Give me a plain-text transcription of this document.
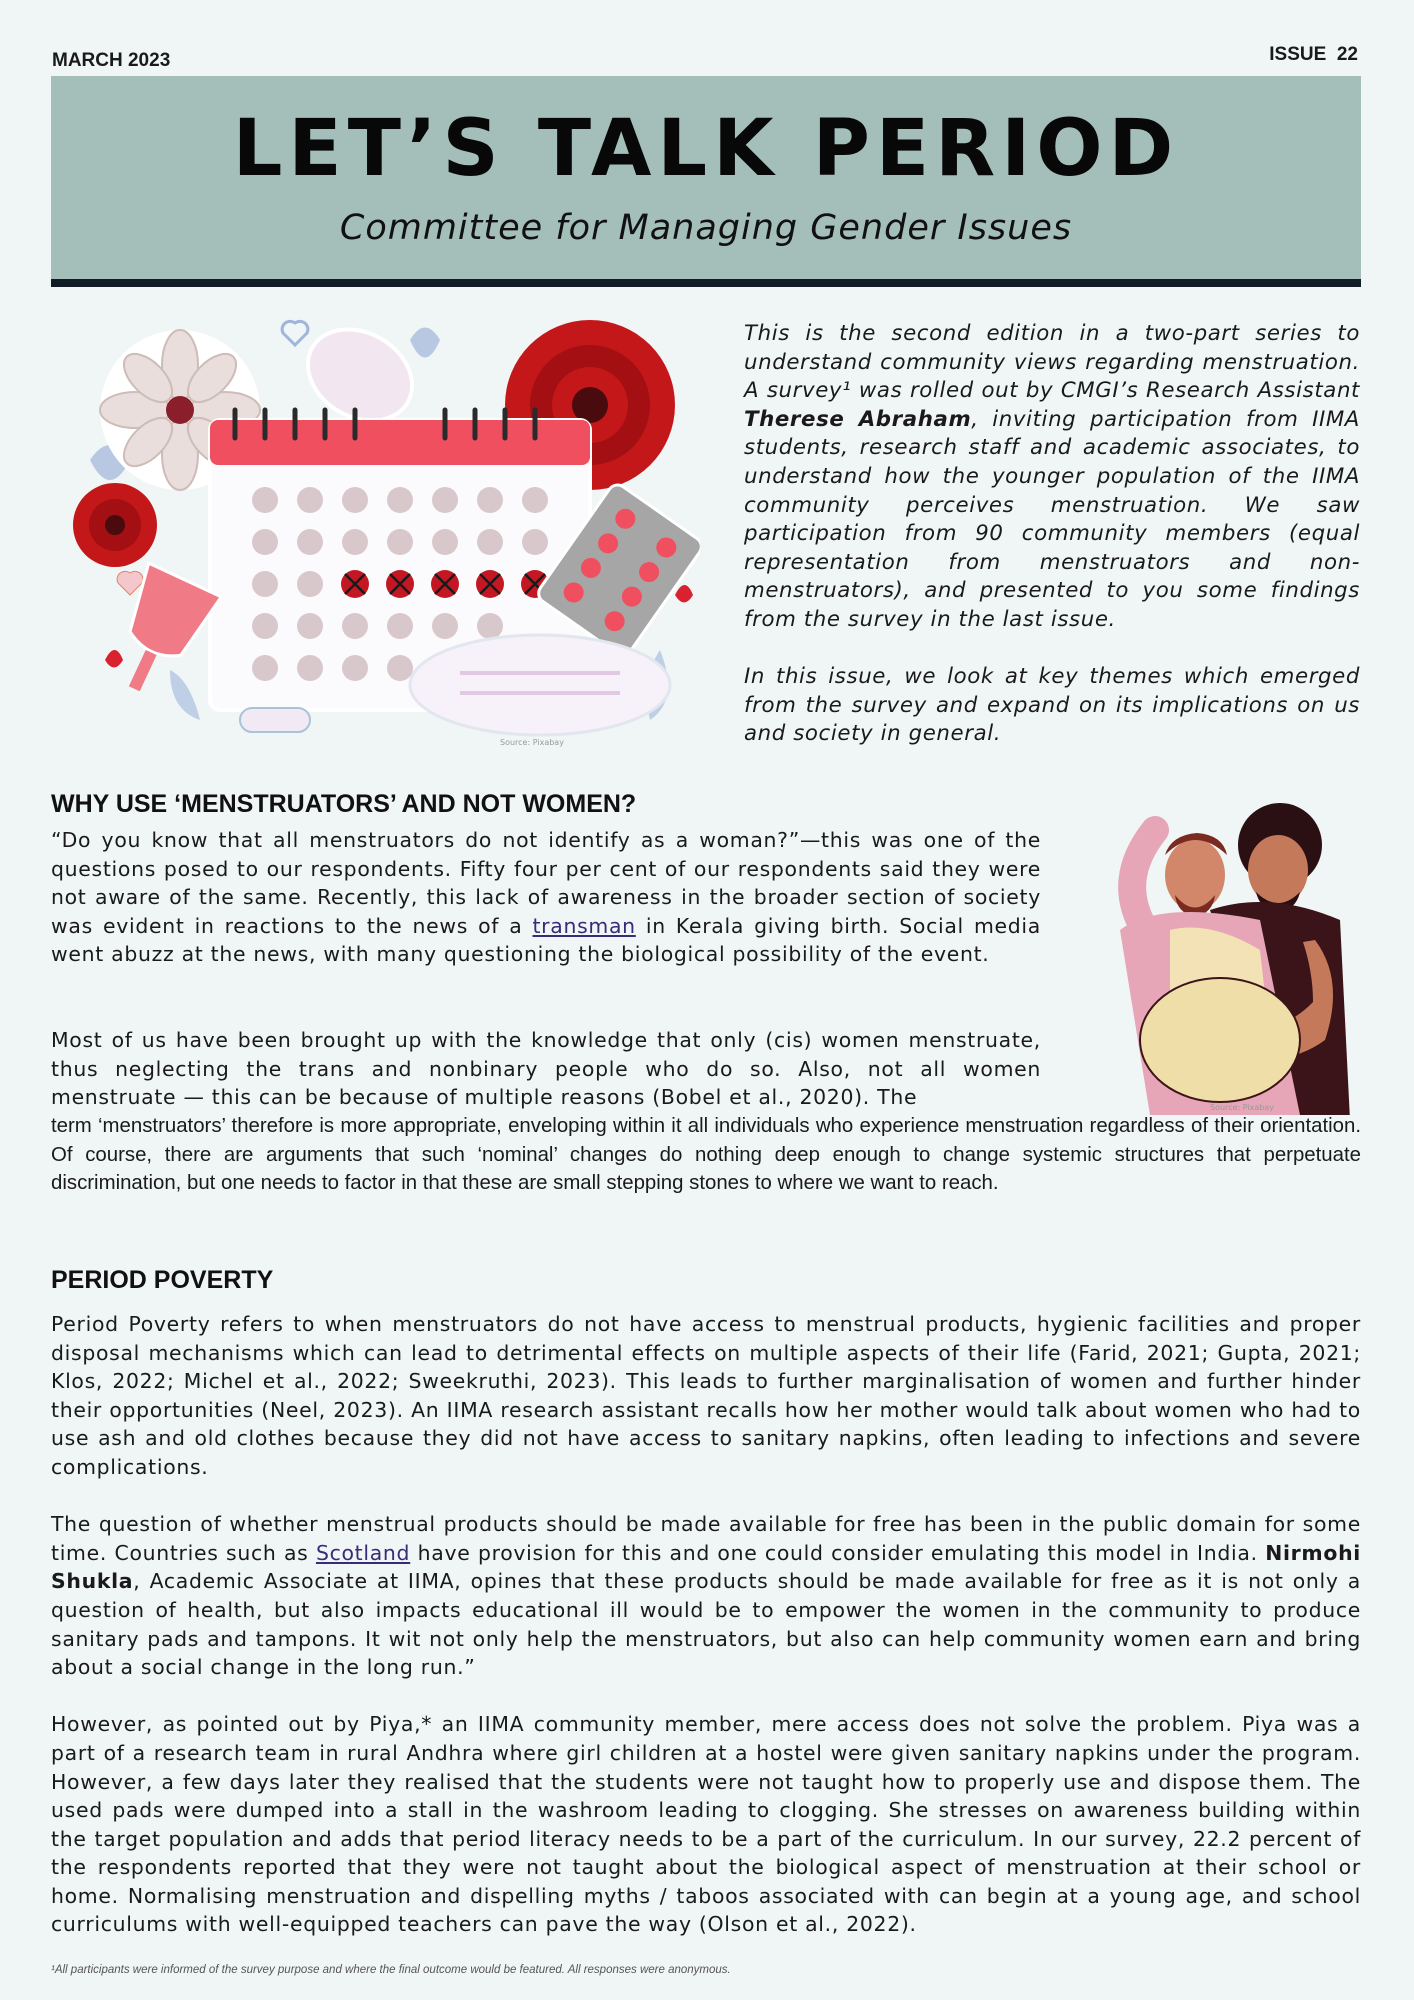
MARCH 2023	ISSUE  22
LET’S TALK PERIOD
Committee for Managing Gender Issues
Source: Pixabay

This is the second edition in a two-part series to understand community views regarding menstruation. A survey¹ was rolled out by CMGI’s Research Assistant Therese Abraham, inviting participation from IIMA students, research staff and academic associates, to understand how the younger population of the IIMA community perceives menstruation. We saw participation from 90 community members (equal representation from menstruators and non-menstruators), and presented to you some findings from the survey in the last issue.

In this issue, we look at key themes which emerged from the survey and expand on its implications on us and society in general.

WHY USE ‘MENSTRUATORS’ AND NOT WOMEN?

“Do you know that all menstruators do not identify as a woman?”—this was one of the questions posed to our respondents. Fifty four per cent of our respondents said they were not aware of the same. Recently, this lack of awareness in the broader section of society was evident in reactions to the news of a transman in Kerala giving birth. Social media went abuzz at the news, with many questioning the biological possibility of the event.

Most of us have been brought up with the knowledge that only (cis) women menstruate, thus neglecting the trans and nonbinary people who do so. Also, not all women menstruate — this can be because of multiple reasons (Bobel et al., 2020). The

term ‘menstruators’ therefore is more appropriate, enveloping within it all individuals who experience menstruation regardless of their orientation. Of course, there are arguments that such ‘nominal’ changes do nothing deep enough to change systemic structures that perpetuate discrimination, but one needs to factor in that these are small stepping stones to where we want to reach.
Source: Pixabay
PERIOD POVERTY

Period Poverty refers to when menstruators do not have access to menstrual products, hygienic facilities and proper disposal mechanisms which can lead to detrimental effects on multiple aspects of their life (Farid, 2021; Gupta, 2021; Klos, 2022; Michel et al., 2022; Sweekruthi, 2023). This leads to further marginalisation of women and further hinder their opportunities (Neel, 2023). An IIMA research assistant recalls how her mother would talk about women who had to use ash and old clothes because they did not have access to sanitary napkins, often leading to infections and severe complications.

The question of whether menstrual products should be made available for free has been in the public domain for some time. Countries such as Scotland have provision for this and one could consider emulating this model in India. Nirmohi Shukla, Academic Associate at IIMA, opines that these products should be made available for free as it is not only a question of health, but also impacts educational ill would be to empower the women in the community to produce sanitary pads and tampons. It wit not only help the menstruators, but also can help community women earn and bring about a social change in the long run.”

However, as pointed out by Piya,* an IIMA community member, mere access does not solve the problem. Piya was a part of a research team in rural Andhra where girl children at a hostel were given sanitary napkins under the program. However, a few days later they realised that the students were not taught how to properly use and dispose them. The used pads were dumped into a stall in the washroom leading to clogging. She stresses on awareness building within the target population and adds that period literacy needs to be a part of the curriculum. In our survey, 22.2 percent of the respondents reported that they were not taught about the biological aspect of menstruation at their school or home. Normalising menstruation and dispelling myths / taboos associated with can begin at a young age, and school curriculums with well-equipped teachers can pave the way (Olson et al., 2022).

¹All participants were informed of the survey purpose and where the final outcome would be featured. All responses were anonymous.
